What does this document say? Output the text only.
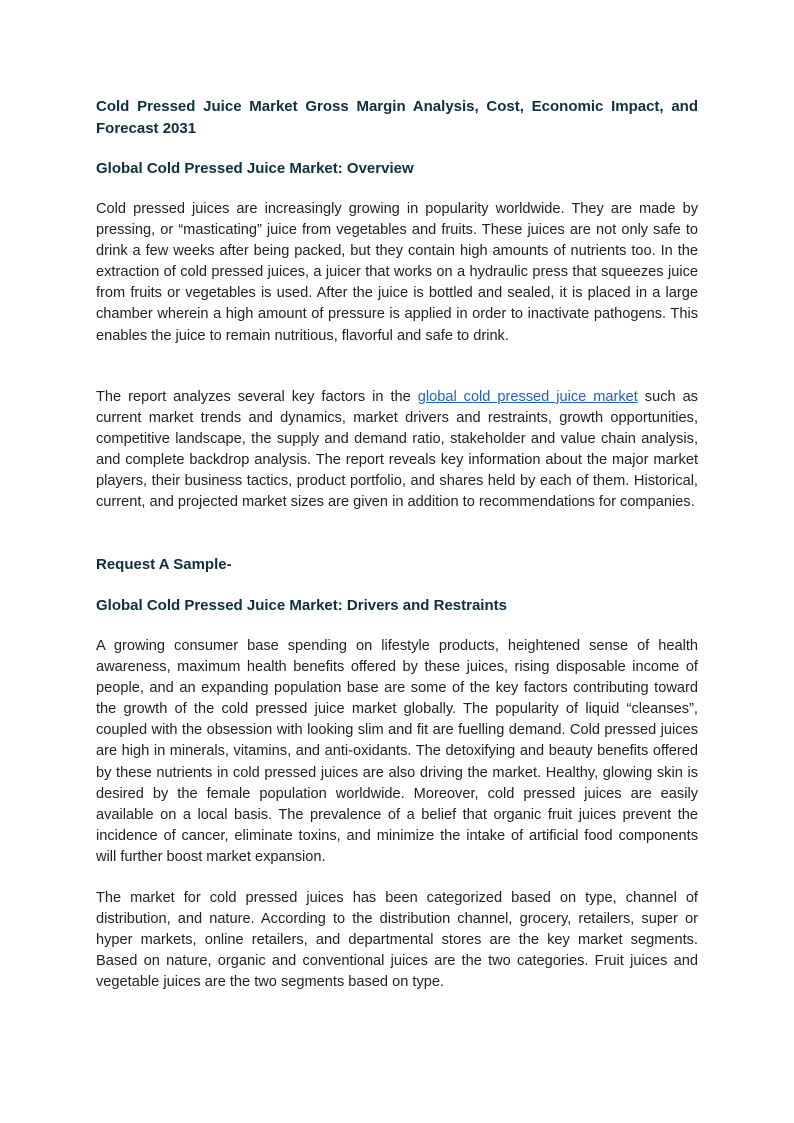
Cold Pressed Juice Market Gross Margin Analysis, Cost, Economic Impact, and Forecast 2031
Global Cold Pressed Juice Market: Overview

Cold pressed juices are increasingly growing in popularity worldwide. They are made by pressing, or “masticating” juice from vegetables and fruits. These juices are not only safe to drink a few weeks after being packed, but they contain high amounts of nutrients too. In the extraction of cold pressed juices, a juicer that works on a hydraulic press that squeezes juice from fruits or vegetables is used. After the juice is bottled and sealed, it is placed in a large chamber wherein a high amount of pressure is applied in order to inactivate pathogens. This enables the juice to remain nutritious, flavorful and safe to drink.

The report analyzes several key factors in the global cold pressed juice market such as current market trends and dynamics, market drivers and restraints, growth opportunities, competitive landscape, the supply and demand ratio, stakeholder and value chain analysis, and complete backdrop analysis. The report reveals key information about the major market players, their business tactics, product portfolio, and shares held by each of them. Historical, current, and projected market sizes are given in addition to recommendations for companies.

Request A Sample-
Global Cold Pressed Juice Market: Drivers and Restraints

A growing consumer base spending on lifestyle products, heightened sense of health awareness, maximum health benefits offered by these juices, rising disposable income of people, and an expanding population base are some of the key factors contributing toward the growth of the cold pressed juice market globally. The popularity of liquid “cleanses”, coupled with the obsession with looking slim and fit are fuelling demand. Cold pressed juices are high in minerals, vitamins, and anti-oxidants. The detoxifying and beauty benefits offered by these nutrients in cold pressed juices are also driving the market. Healthy, glowing skin is desired by the female population worldwide. Moreover, cold pressed juices are easily available on a local basis. The prevalence of a belief that organic fruit juices prevent the incidence of cancer, eliminate toxins, and minimize the intake of artificial food components will further boost market expansion.

The market for cold pressed juices has been categorized based on type, channel of distribution, and nature. According to the distribution channel, grocery, retailers, super or hyper markets, online retailers, and departmental stores are the key market segments. Based on nature, organic and conventional juices are the two categories. Fruit juices and vegetable juices are the two segments based on type.
